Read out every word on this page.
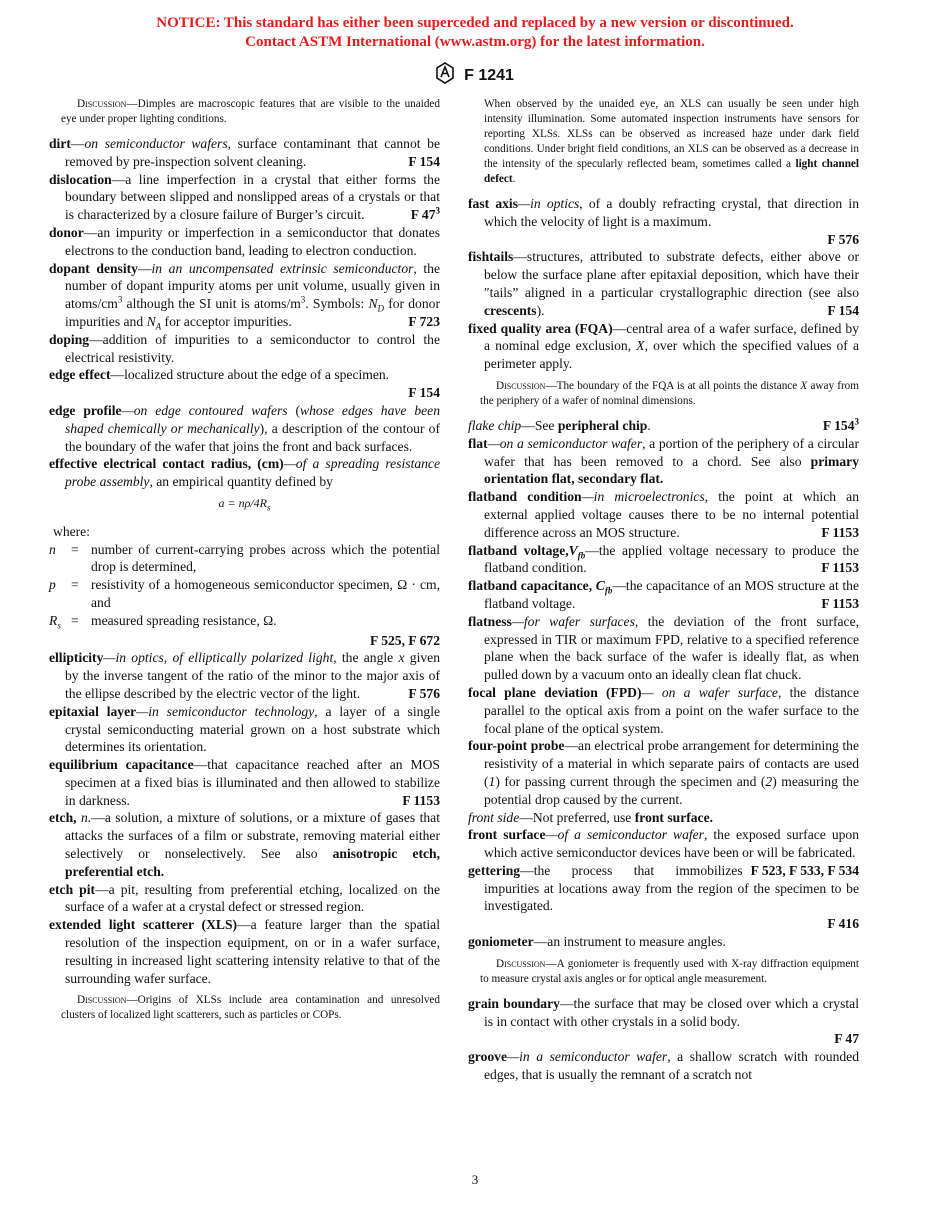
NOTICE: This standard has either been superceded and replaced by a new version or discontinued.
Contact ASTM International (www.astm.org) for the latest information.
F 1241

Discussion—Dimples are macroscopic features that are visible to the unaided eye under proper lighting conditions.

dirt—on semiconductor wafers, surface contaminant that cannot be removed by pre-inspection solvent cleaning.	F 154

dislocation—a line imperfection in a crystal that either forms the boundary between slipped and nonslipped areas of a crystals or that is characterized by a closure failure of Burger’s circuit.	F $47^3$

donor—an impurity or imperfection in a semiconductor that donates electrons to the conduction band, leading to electron conduction.

dopant density—in an uncompensated extrinsic semiconductor, the number of dopant impurity atoms per unit volume, usually given in atoms/$cm^3$ although the SI unit is atoms/$m^3$. Symbols: $N_D$ for donor impurities and $N_A$ for acceptor impurities.	F 723

doping—addition of impurities to a semiconductor to control the electrical resistivity.

edge effect—localized structure about the edge of a specimen.
F 154

edge profile—on edge contoured wafers (whose edges have been shaped chemically or mechanically), a description of the contour of the boundary of the wafer that joins the front and back surfaces.

effective electrical contact radius, (cm)—of a spreading resistance probe assembly, an empirical quantity defined by

$a = n\rho/4R_s$
where:
n	= number of current-carrying probes across which the potential drop is determined,
p	= resistivity of a homogeneous semiconductor specimen, Ω · cm, and
$R_s$ = measured spreading resistance, Ω.
F 525, F 672

ellipticity—in optics, of elliptically polarized light, the angle x given by the inverse tangent of the ratio of the minor to the major axis of the ellipse described by the electric vector of the light.	F 576

epitaxial layer—in semiconductor technology, a layer of a single crystal semiconducting material grown on a host substrate which determines its orientation.

equilibrium capacitance—that capacitance reached after an MOS specimen at a fixed bias is illuminated and then allowed to stabilize in darkness.	F 1153

etch, n.—a solution, a mixture of solutions, or a mixture of gases that attacks the surfaces of a film or substrate, removing material either selectively or nonselectively. See also anisotropic etch, preferential etch.

etch pit—a pit, resulting from preferential etching, localized on the surface of a wafer at a crystal defect or stressed region.

extended light scatterer (XLS)—a feature larger than the spatial resolution of the inspection equipment, on or in a wafer surface, resulting in increased light scattering intensity relative to that of the surrounding wafer surface.

Discussion—Origins of XLSs include area contamination and unresolved clusters of localized light scatterers, such as particles or COPs.

When observed by the unaided eye, an XLS can usually be seen under high intensity illumination. Some automated inspection instruments have sensors for reporting XLSs. XLSs can be observed as increased haze under dark field conditions. Under bright field conditions, an XLS can be observed as a decrease in the intensity of the specularly reflected beam, sometimes called a light channel defect.

fast axis—in optics, of a doubly refracting crystal, that direction in which the velocity of light is a maximum.
F 576

fishtails—structures, attributed to substrate defects, either above or below the surface plane after epitaxial deposition, which have their ″tails” aligned in a particular crystallographic direction (see also crescents).	F 154

fixed quality area (FQA)—central area of a wafer surface, defined by a nominal edge exclusion, X, over which the specified values of a perimeter apply.

Discussion—The boundary of the FQA is at all points the distance X away from the periphery of a wafer of nominal dimensions.

flake chip—See peripheral chip.	F $154^3$

flat—on a semiconductor wafer, a portion of the periphery of a circular wafer that has been removed to a chord. See also primary orientation flat, secondary flat.

flatband condition—in microelectronics, the point at which an external applied voltage causes there to be no internal potential difference across an MOS structure.	F 1153

flatband $voltage,V_{fb}—the$ applied voltage necessary to produce the flatband condition.	F 1153

flatband capacitance, $C_{fb}—the$ capacitance of an MOS structure at the flatband voltage.	F 1153

flatness—for wafer surfaces, the deviation of the front surface, expressed in TIR or maximum FPD, relative to a specified reference plane when the back surface of the wafer is ideally flat, as when pulled down by a vacuum onto an ideally clean flat chuck.

focal plane deviation (FPD)— on a wafer surface, the distance parallel to the optical axis from a point on the wafer surface to the focal plane of the optical system.

four-point probe—an electrical probe arrangement for determining the resistivity of a material in which separate pairs of contacts are used (1) for passing current through the specimen and (2) measuring the potential drop caused by the current.

front side—Not preferred, use front surface.

front surface—of a semiconductor wafer, the exposed surface upon which active semiconductor devices have been or will be fabricated.
F 523, F 533, F 534

gettering—the process that immobilizes impurities at locations away from the region of the specimen to be investigated.
F 416

goniometer—an instrument to measure angles.

Discussion—A goniometer is frequently used with X-ray diffraction equipment to measure crystal axis angles or for optical angle measurement.

grain boundary—the surface that may be closed over which a crystal is in contact with other crystals in a solid body.
F 47

groove—in a semiconductor wafer, a shallow scratch with rounded edges, that is usually the remnant of a scratch not

3
